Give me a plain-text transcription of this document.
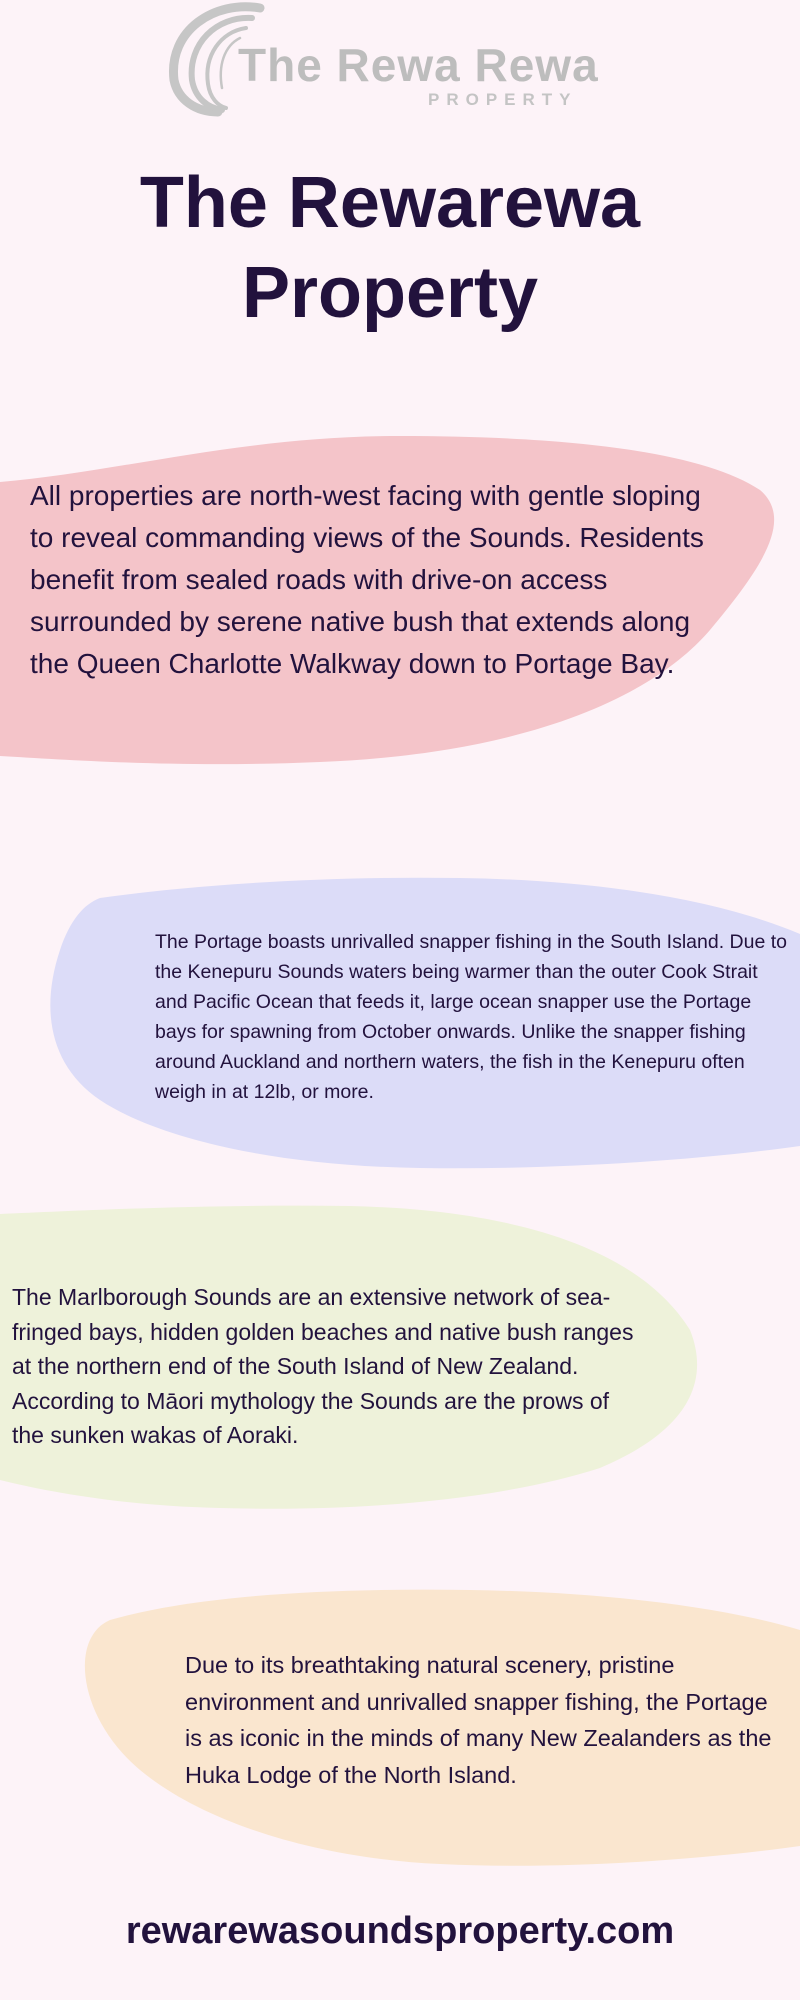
The Rewa Rewa
PROPERTY
The Rewarewa Property

All properties are north-west facing with gentle sloping to reveal commanding views of the Sounds. Residents benefit from sealed roads with drive-on access surrounded by serene native bush that extends along the Queen Charlotte Walkway down to Portage Bay.

The Portage boasts unrivalled snapper fishing in the South Island. Due to the Kenepuru Sounds waters being warmer than the outer Cook Strait and Pacific Ocean that feeds it, large ocean snapper use the Portage bays for spawning from October onwards. Unlike the snapper fishing around Auckland and northern waters, the fish in the Kenepuru often weigh in at 12lb, or more.

The Marlborough Sounds are an extensive network of sea-fringed bays, hidden golden beaches and native bush ranges at the northern end of the South Island of New Zealand. According to Māori mythology the Sounds are the prows of the sunken wakas of Aoraki.

Due to its breathtaking natural scenery, pristine environment and unrivalled snapper fishing, the Portage is as iconic in the minds of many New Zealanders as the Huka Lodge of the North Island.

rewarewasoundsproperty.com
